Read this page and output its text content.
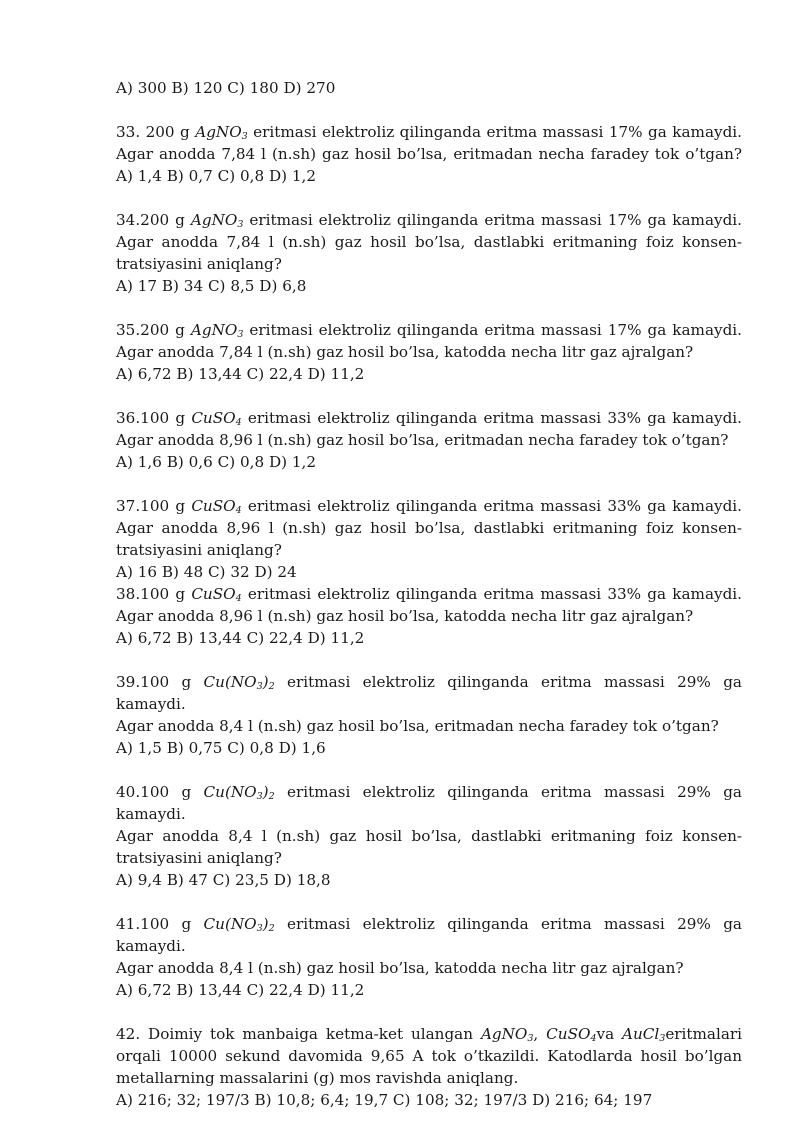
A) 300 B) 120 C) 180 D) 270
33. 200 g AgNO$_3$ eritmasi elektroliz qilinganda eritma massasi 17% ga kamaydi.
Agar anodda 7,84 l (n.sh) gaz hosil bo’lsa, eritmadan necha faradey tok o’tgan?
A) 1,4 B) 0,7 C) 0,8 D) 1,2
34.200 g AgNO$_3$ eritmasi elektroliz qilinganda eritma massasi 17% ga kamaydi.
Agar anodda 7,84 l (n.sh) gaz hosil bo’lsa, dastlabki eritmaning foiz konsen-
tratsiyasini aniqlang?
A) 17 B) 34 C) 8,5 D) 6,8
35.200 g AgNO$_3$ eritmasi elektroliz qilinganda eritma massasi 17% ga kamaydi.
Agar anodda 7,84 l (n.sh) gaz hosil bo’lsa, katodda necha litr gaz ajralgan?
A) 6,72 B) 13,44 C) 22,4 D) 11,2
36.100 g CuSO$_4$ eritmasi elektroliz qilinganda eritma massasi 33% ga kamaydi.
Agar anodda 8,96 l (n.sh) gaz hosil bo’lsa, eritmadan necha faradey tok o’tgan?
A) 1,6 B) 0,6 C) 0,8 D) 1,2
37.100 g CuSO$_4$ eritmasi elektroliz qilinganda eritma massasi 33% ga kamaydi.
Agar anodda 8,96 l (n.sh) gaz hosil bo’lsa, dastlabki eritmaning foiz konsen-
tratsiyasini aniqlang?
A) 16 B) 48 C) 32 D) 24
38.100 g CuSO$_4$ eritmasi elektroliz qilinganda eritma massasi 33% ga kamaydi.
Agar anodda 8,96 l (n.sh) gaz hosil bo’lsa, katodda necha litr gaz ajralgan?
A) 6,72 B) 13,44 C) 22,4 D) 11,2
39.100 g $Cu(NO_3)_2$ eritmasi elektroliz qilinganda eritma massasi 29% ga kamaydi.
Agar anodda 8,4 l (n.sh) gaz hosil bo’lsa, eritmadan necha faradey tok o’tgan?
A) 1,5 B) 0,75 C) 0,8 D) 1,6
40.100 g $Cu(NO_3)_2$ eritmasi elektroliz qilinganda eritma massasi 29% ga kamaydi.
Agar anodda 8,4 l (n.sh) gaz hosil bo’lsa, dastlabki eritmaning foiz konsen-
tratsiyasini aniqlang?
A) 9,4 B) 47 C) 23,5 D) 18,8
41.100 g $Cu(NO_3)_2$ eritmasi elektroliz qilinganda eritma massasi 29% ga kamaydi.
Agar anodda 8,4 l (n.sh) gaz hosil bo’lsa, katodda necha litr gaz ajralgan?
A) 6,72 B) 13,44 C) 22,4 D) 11,2
42. Doimiy tok manbaiga ketma-ket ulangan AgNO$_3$, CuSO$_4$va AuCl$_3$eritmalari
orqali 10000 sekund davomida 9,65 A tok o’tkazildi. Katodlarda hosil bo’lgan
metallarning massalarini (g) mos ravishda aniqlang.
A) 216; 32; 197/3 B) 10,8; 6,4; 19,7 C) 108; 32; 197/3 D) 216; 64; 197
